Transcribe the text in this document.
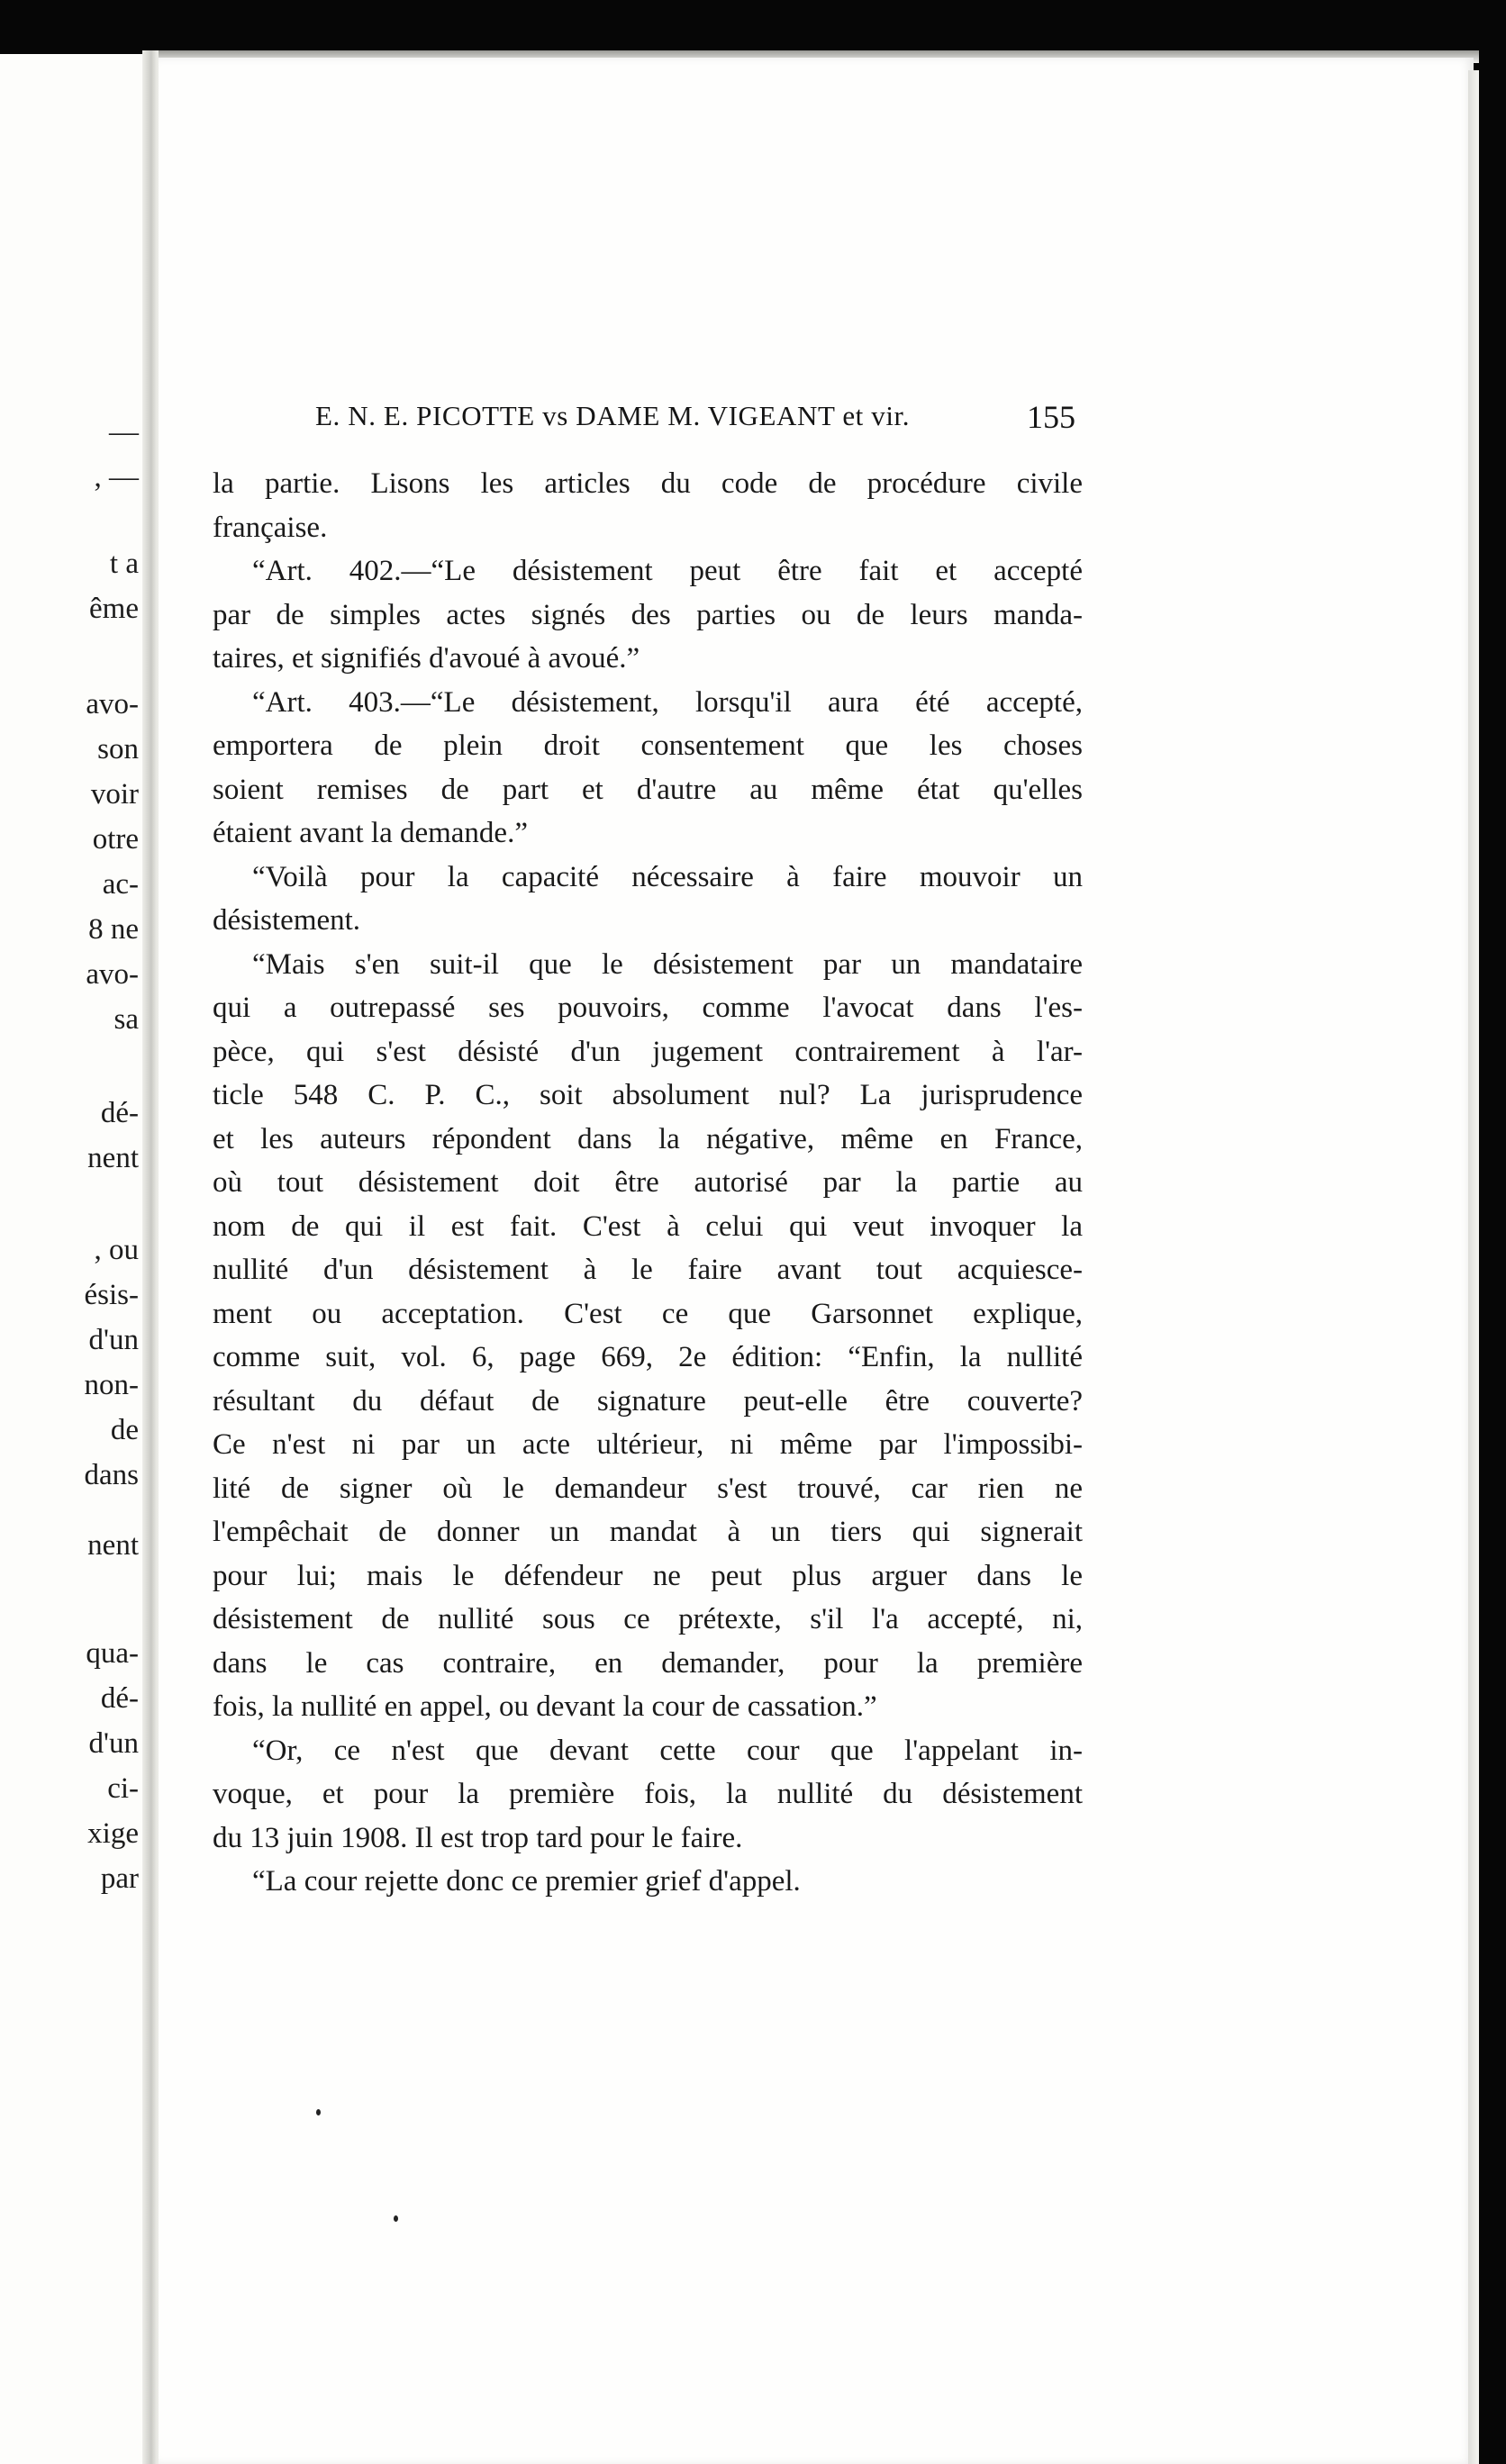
—
, —
t a
ême
avo-
son
voir
otre
ac-
8 ne
avo-
sa
dé-
nent
, ou
ésis-
d'un
non-
de
dans
nent
qua-
dé-
d'un
ci-
xige
par
E. N. E. PICOTTE vs DAME M. VIGEANT et vir.	155
la partie. Lisons les articles du code de procédure civile
française.
“Art. 402.—“Le désistement peut être fait et accepté
par de simples actes signés des parties ou de leurs manda-
taires, et signifiés d'avoué à avoué.”
“Art. 403.—“Le désistement, lorsqu'il aura été accepté,
emportera de plein droit consentement que les choses
soient remises de part et d'autre au même état qu'elles
étaient avant la demande.”
“Voilà pour la capacité nécessaire à faire mouvoir un
désistement.
“Mais s'en suit-il que le désistement par un mandataire
qui a outrepassé ses pouvoirs, comme l'avocat dans l'es-
pèce, qui s'est désisté d'un jugement contrairement à l'ar-
ticle 548 C. P. C., soit absolument nul? La jurisprudence
et les auteurs répondent dans la négative, même en France,
où tout désistement doit être autorisé par la partie au
nom de qui il est fait. C'est à celui qui veut invoquer la
nullité d'un désistement à le faire avant tout acquiesce-
ment ou acceptation. C'est ce que Garsonnet explique,
comme suit, vol. 6, page 669, 2e édition: “Enfin, la nullité
résultant du défaut de signature peut-elle être couverte?
Ce n'est ni par un acte ultérieur, ni même par l'impossibi-
lité de signer où le demandeur s'est trouvé, car rien ne
l'empêchait de donner un mandat à un tiers qui signerait
pour lui; mais le défendeur ne peut plus arguer dans le
désistement de nullité sous ce prétexte, s'il l'a accepté, ni,
dans le cas contraire, en demander, pour la première
fois, la nullité en appel, ou devant la cour de cassation.”
“Or, ce n'est que devant cette cour que l'appelant in-
voque, et pour la première fois, la nullité du désistement
du 13 juin 1908. Il est trop tard pour le faire.
“La cour rejette donc ce premier grief d'appel.
